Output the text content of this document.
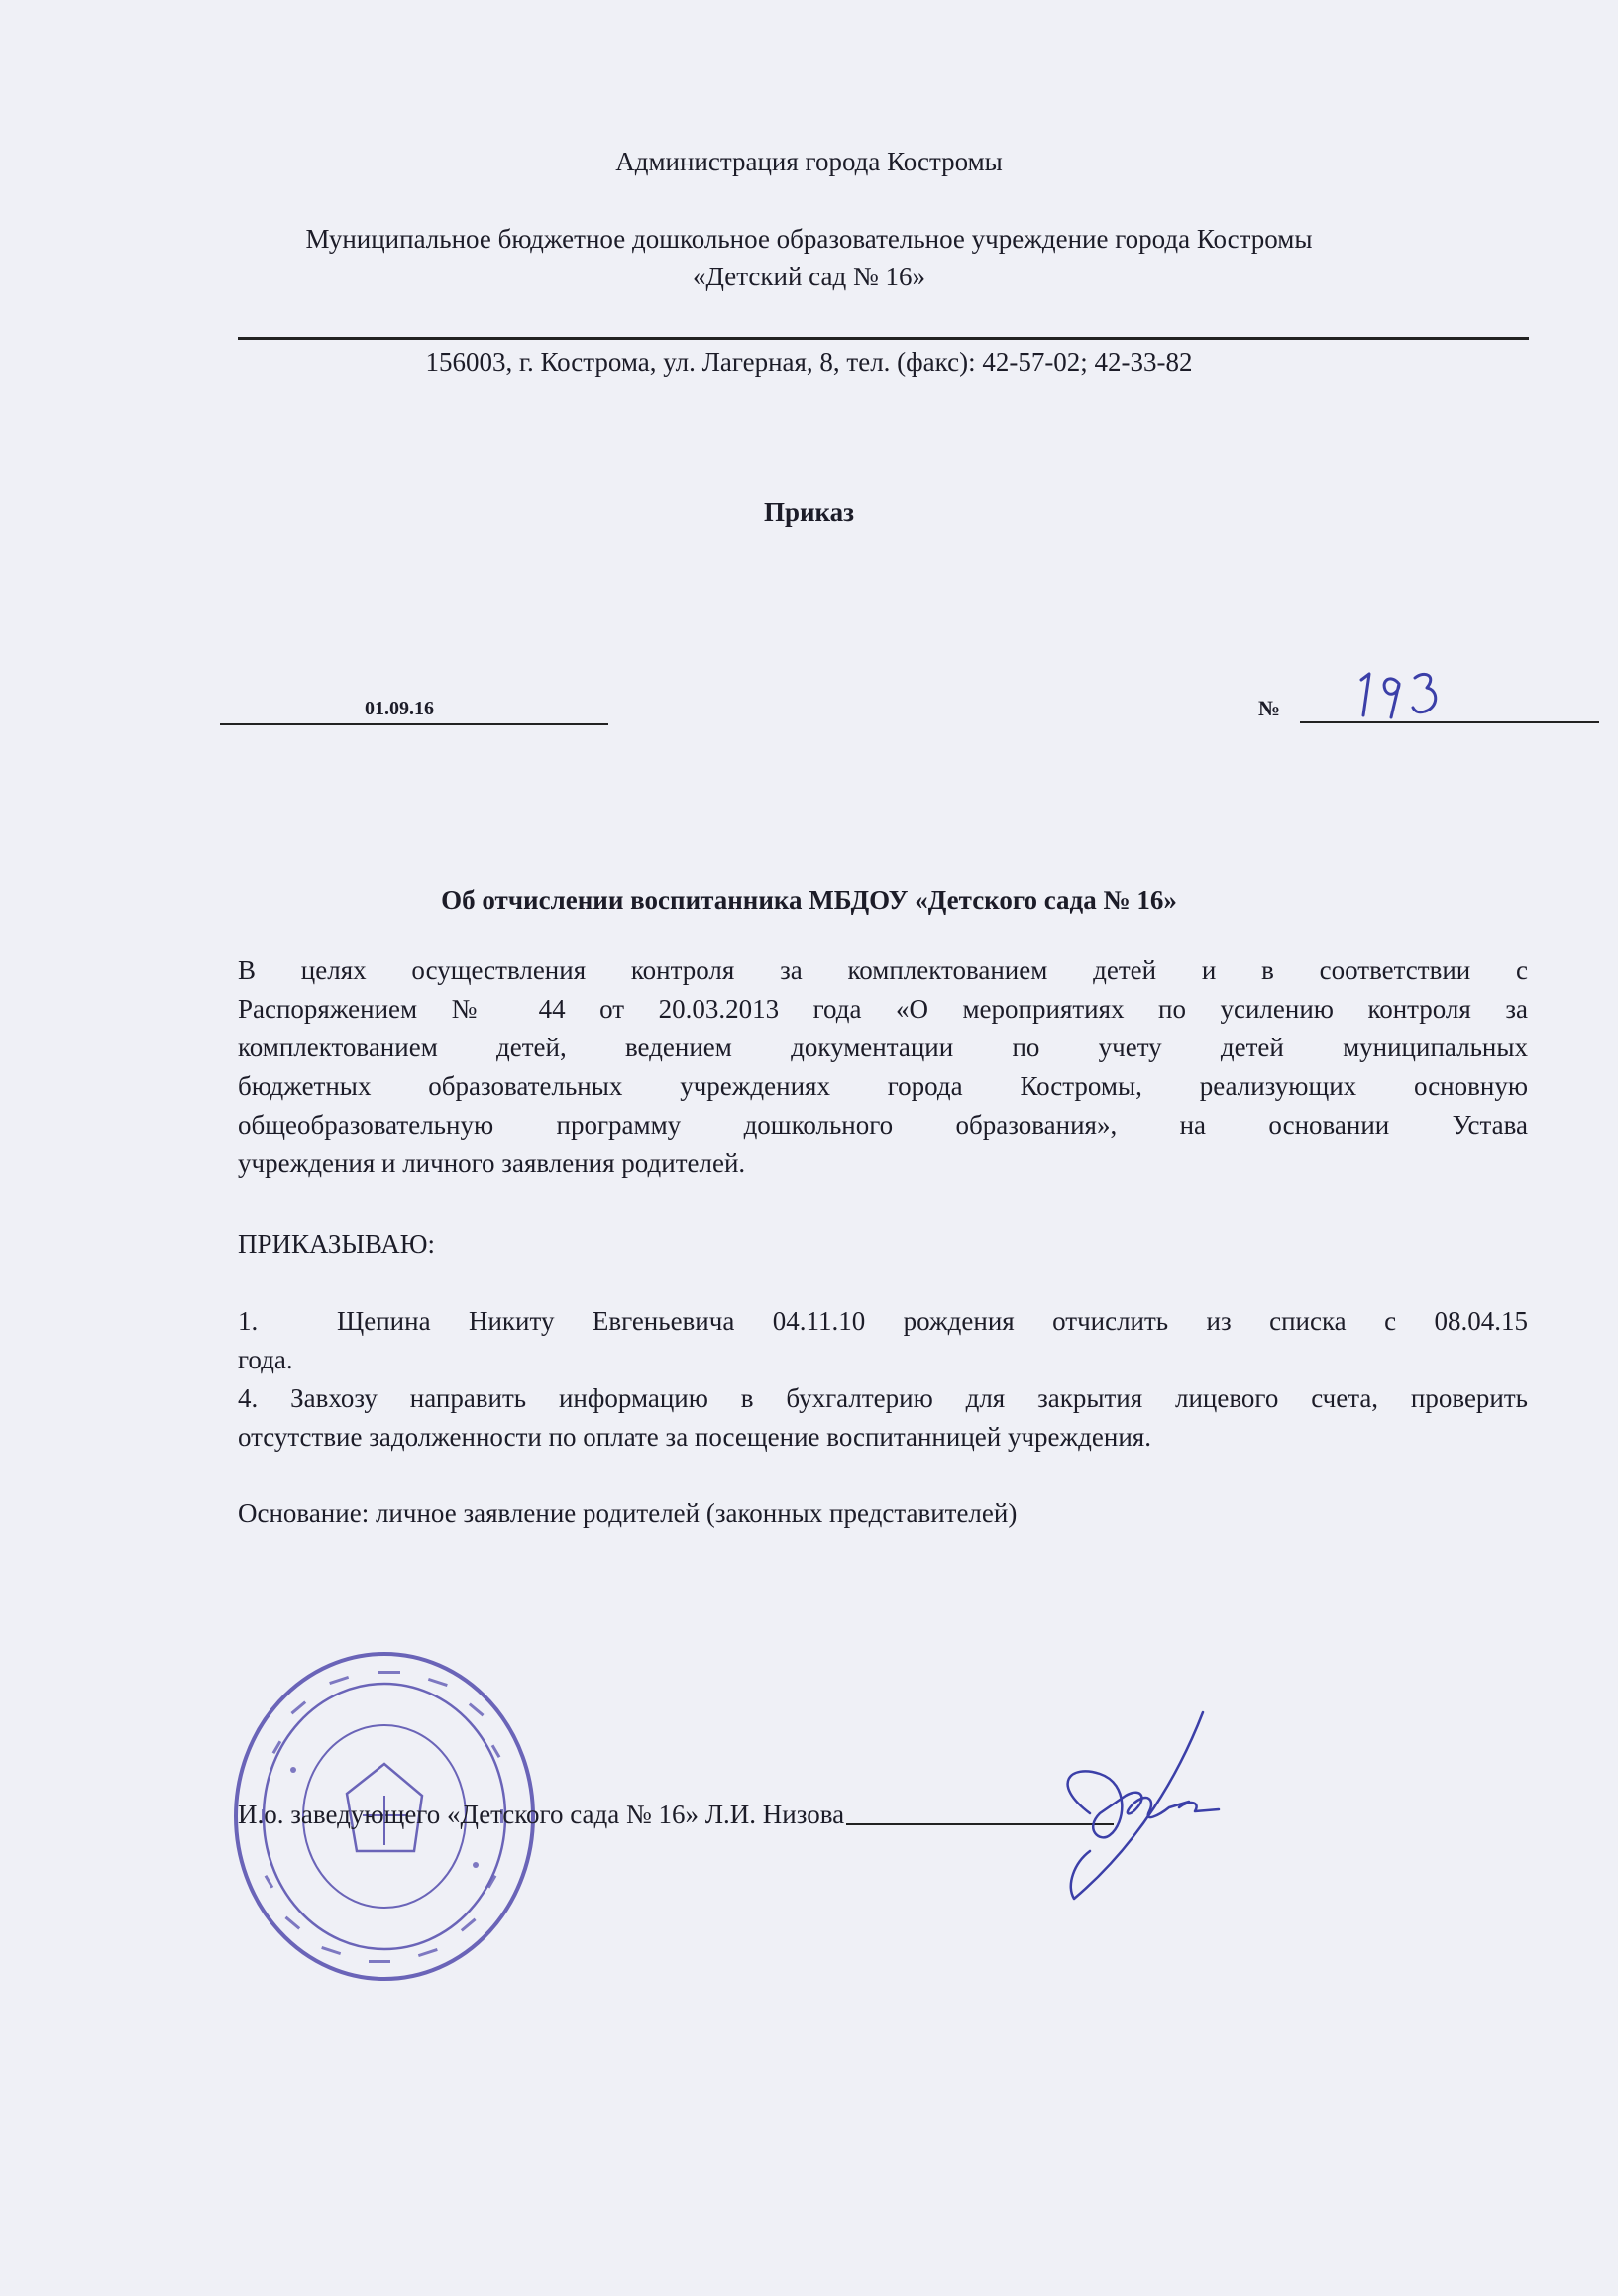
Администрация города Костромы
Муниципальное бюджетное дошкольное образовательное учреждение города Костромы
«Детский сад № 16»
156003, г. Кострома, ул. Лагерная, 8, тел. (факс): 42-57-02; 42-33-82
Приказ
01.09.16	№
Об отчислении воспитанника МБДОУ «Детского сада № 16»
В целях осуществления контроля за комплектованием детей и в соответствии с
Распоряжением № 44 от 20.03.2013 года «О мероприятиях по усилению контроля за
комплектованием детей, ведением документации по учету детей муниципальных
бюджетных образовательных учреждениях города Костромы, реализующих основную
общеобразовательную программу дошкольного образования», на основании Устава
учреждения и личного заявления родителей.
ПРИКАЗЫВАЮ:
1.	Щепина Никиту Евгеньевича 04.11.10 рождения отчислить из списка с 08.04.15
года.
4. Завхозу направить информацию в бухгалтерию для закрытия лицевого счета, проверить
отсутствие задолженности по оплате за посещение воспитанницей учреждения.
Основание: личное заявление родителей (законных представителей)
И.о. заведующего «Детского сада № 16» Л.И. Низова
